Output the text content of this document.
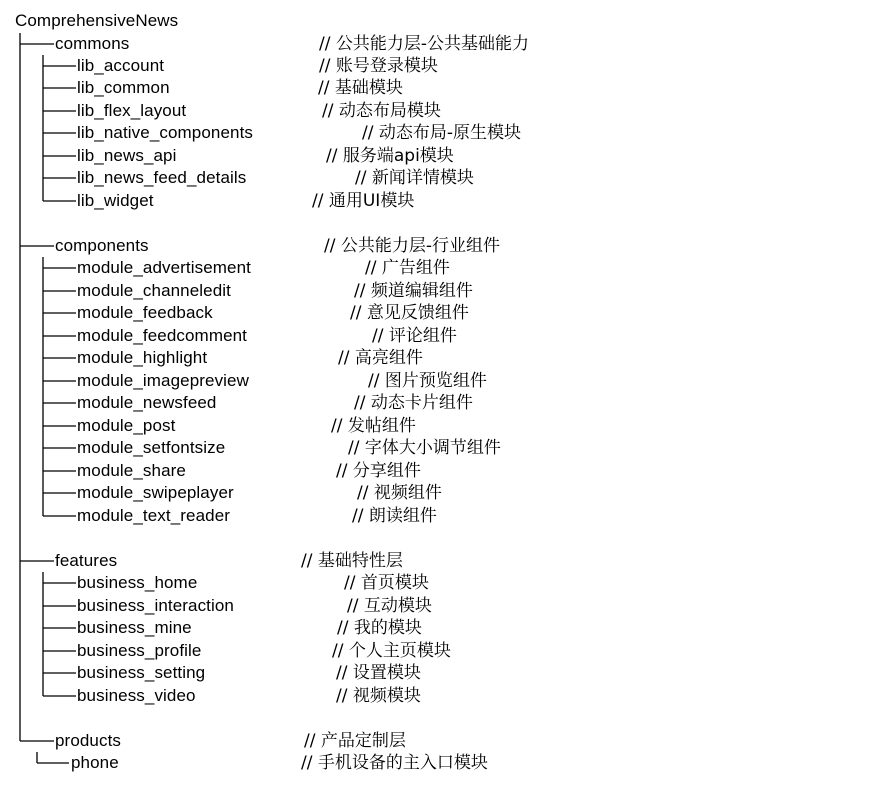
ComprehensiveNews
commons	// 公共能力层-公共基础能力
lib_account	// 账号登录模块
lib_common	// 基础模块
lib_flex_layout	// 动态布局模块
lib_native_components	// 动态布局-原生模块
lib_news_api	// 服务端api模块
lib_news_feed_details	// 新闻详情模块
lib_widget	// 通用UI模块
components	// 公共能力层-行业组件
module_advertisement	// 广告组件
module_channeledit	// 频道编辑组件
module_feedback	// 意见反馈组件
module_feedcomment	// 评论组件
module_highlight	// 高亮组件
module_imagepreview	// 图片预览组件
module_newsfeed	// 动态卡片组件
module_post	// 发帖组件
module_setfontsize	// 字体大小调节组件
module_share	// 分享组件
module_swipeplayer	// 视频组件
module_text_reader	// 朗读组件
features	// 基础特性层
business_home	// 首页模块
business_interaction	// 互动模块
business_mine	// 我的模块
business_profile	// 个人主页模块
business_setting	// 设置模块
business_video	// 视频模块
products	// 产品定制层
phone	// 手机设备的主入口模块
